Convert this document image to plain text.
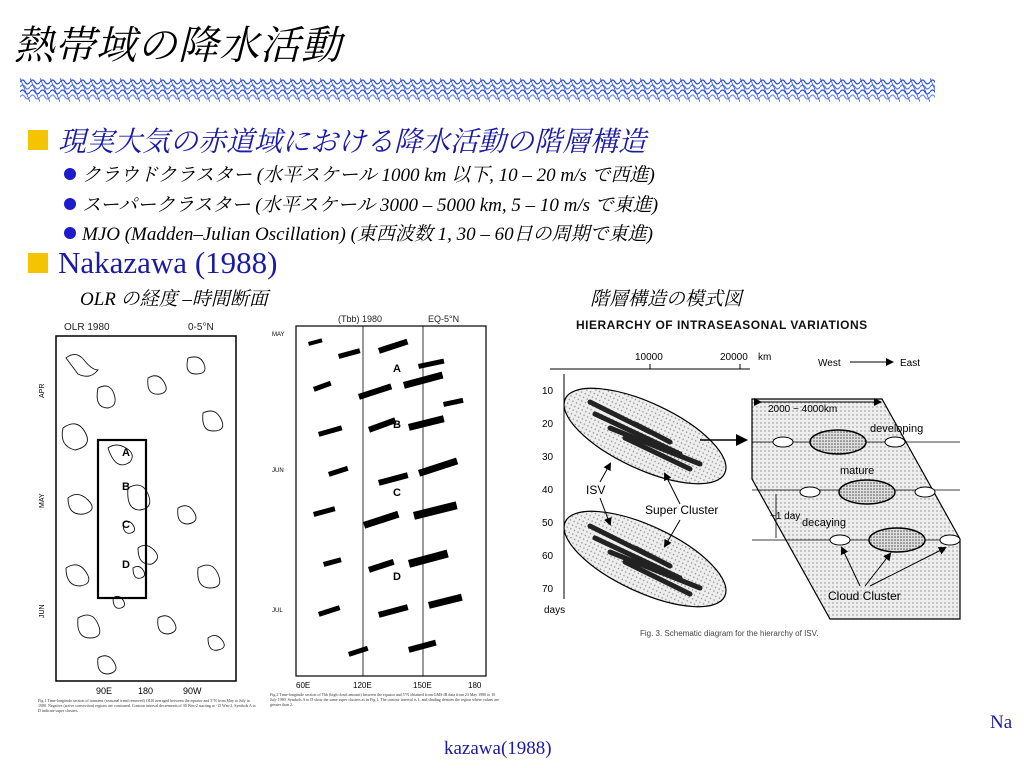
熱帯域の降水活動
現実大気の赤道域における降水活動の階層構造
クラウドクラスター (水平スケール 1000 km 以下, 10 – 20 m/s で西進)
スーパークラスター (水平スケール 3000 – 5000 km, 5 – 10 m/s で東進)
MJO (Madden–Julian Oscillation) (東西波数 1, 30 – 60日の周期で東進)
Nakazawa (1988)
OLR の経度 –時間断面	階層構造の模式図
OLR 1980	0-5°N
A
B
C
D
APR
MAY
JUN
90E	180	90W
Fig.1 Time-longitude section of transient (seasonal trend removed) OLR averaged between the equator and 5°N from May to July in 1980. Negative (active convection) regions are contoured. Contour interval decrements of 30 Wm-2 starting at -15 Wm-2. Symbols A to D indicate super clusters.
(Tbb) 1980	EQ-5°N
A
B
C
D
MAY
JUN
JUL
60E	120E	150E	180
Fig.2 Time-longitude section of Tbb (high cloud amount) between the equator and 5°N obtained from GMS IR data from 23 May 1980 to 10 July 1980. Symbols A to D show the same super clusters as in Fig.1. The contour interval is 1, and shading denotes the region where values are greater than 2.
HIERARCHY OF INTRASEASONAL VARIATIONS
10000	20000 km
West	East
10
20
30
40
50
60
70
days
ISV
Super Cluster
2000 ~ 4000km
developing
mature
decaying
~1 day
Cloud Cluster
Fig. 3. Schematic diagram for the hierarchy of ISV.
Na
kazawa(1988)
